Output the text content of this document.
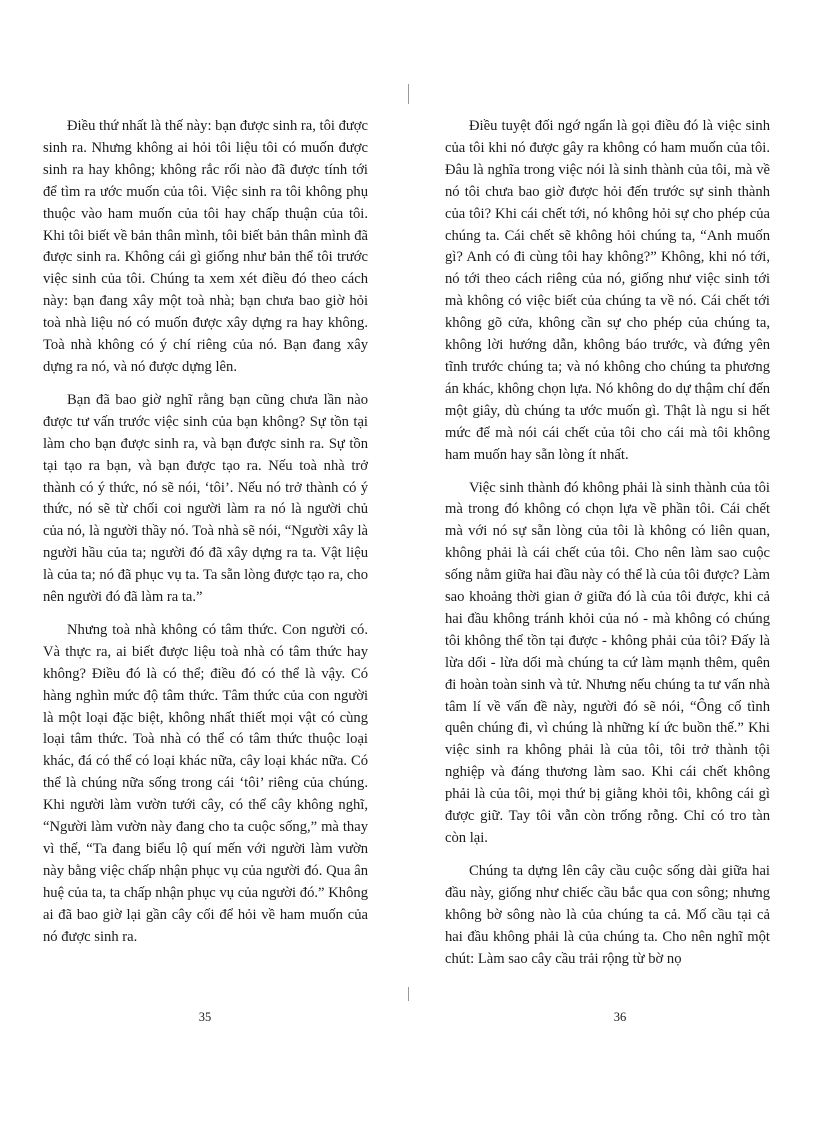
Điều thứ nhất là thế này: bạn được sinh ra, tôi được sinh ra. Nhưng không ai hỏi tôi liệu tôi có muốn được sinh ra hay không; không rắc rối nào đã được tính tới để tìm ra ước muốn của tôi. Việc sinh ra tôi không phụ thuộc vào ham muốn của tôi hay chấp thuận của tôi. Khi tôi biết về bản thân mình, tôi biết bản thân mình đã được sinh ra. Không cái gì giống như bản thể tôi trước việc sinh của tôi. Chúng ta xem xét điều đó theo cách này: bạn đang xây một toà nhà; bạn chưa bao giờ hỏi toà nhà liệu nó có muốn được xây dựng ra hay không. Toà nhà không có ý chí riêng của nó. Bạn đang xây dựng ra nó, và nó được dựng lên.

Bạn đã bao giờ nghĩ rằng bạn cũng chưa lần nào được tư vấn trước việc sinh của bạn không? Sự tồn tại làm cho bạn được sinh ra, và bạn được sinh ra. Sự tồn tại tạo ra bạn, và bạn được tạo ra. Nếu toà nhà trở thành có ý thức, nó sẽ nói, ‘tôi’. Nếu nó trở thành có ý thức, nó sẽ từ chối coi người làm ra nó là người chủ của nó, là người thầy nó. Toà nhà sẽ nói, “Người xây là người hầu của ta; người đó đã xây dựng ra ta. Vật liệu là của ta; nó đã phục vụ ta. Ta sẵn lòng được tạo ra, cho nên người đó đã làm ra ta.”

Nhưng toà nhà không có tâm thức. Con người có. Và thực ra, ai biết được liệu toà nhà có tâm thức hay không? Điều đó là có thể; điều đó có thể là vậy. Có hàng nghìn mức độ tâm thức. Tâm thức của con người là một loại đặc biệt, không nhất thiết mọi vật có cùng loại tâm thức. Toà nhà có thể có tâm thức thuộc loại khác, đá có thể có loại khác nữa, cây loại khác nữa. Có thể là chúng nữa sống trong cái ‘tôi’ riêng của chúng. Khi người làm vườn tưới cây, có thể cây không nghĩ, “Người làm vườn này đang cho ta cuộc sống,” mà thay vì thế, “Ta đang biểu lộ quí mến với người làm vườn này bằng việc chấp nhận phục vụ của người đó. Qua ân huệ của ta, ta chấp nhận phục vụ của người đó.” Không ai đã bao giờ lại gần cây cối để hỏi về ham muốn của nó được sinh ra.

Điều tuyệt đối ngớ ngẩn là gọi điều đó là việc sinh của tôi khi nó được gây ra không có ham muốn của tôi. Đâu là nghĩa trong việc nói là sinh thành của tôi, mà về nó tôi chưa bao giờ được hỏi đến trước sự sinh thành của tôi? Khi cái chết tới, nó không hỏi sự cho phép của chúng ta. Cái chết sẽ không hỏi chúng ta, “Anh muốn gì? Anh có đi cùng tôi hay không?” Không, khi nó tới, nó tới theo cách riêng của nó, giống như việc sinh tới mà không có việc biết của chúng ta về nó. Cái chết tới không gõ cửa, không cần sự cho phép của chúng ta, không lời hướng dẫn, không báo trước, và đứng yên tĩnh trước chúng ta; và nó không cho chúng ta phương án khác, không chọn lựa. Nó không do dự thậm chí đến một giây, dù chúng ta ước muốn gì. Thật là ngu si hết mức để mà nói cái chết của tôi cho cái mà tôi không ham muốn hay sẵn lòng ít nhất.

Việc sinh thành đó không phải là sinh thành của tôi mà trong đó không có chọn lựa về phần tôi. Cái chết mà với nó sự sẵn lòng của tôi là không có liên quan, không phải là cái chết của tôi. Cho nên làm sao cuộc sống nằm giữa hai đầu này có thể là của tôi được? Làm sao khoảng thời gian ở giữa đó là của tôi được, khi cả hai đầu không tránh khỏi của nó - mà không có chúng tôi không thể tồn tại được - không phải của tôi? Đấy là lừa dối - lừa dối mà chúng ta cứ làm mạnh thêm, quên đi hoàn toàn sinh và tử. Nhưng nếu chúng ta tư vấn nhà tâm lí về vấn đề này, người đó sẽ nói, “Ông cố tình quên chúng đi, vì chúng là những kí ức buồn thế.” Khi việc sinh ra không phải là của tôi, tôi trở thành tội nghiệp và đáng thương làm sao. Khi cái chết không phải là của tôi, mọi thứ bị giằng khỏi tôi, không cái gì được giữ. Tay tôi vẫn còn trống rỗng. Chỉ có tro tàn còn lại.

Chúng ta dựng lên cây cầu cuộc sống dài giữa hai đầu này, giống như chiếc cầu bắc qua con sông; nhưng không bờ sông nào là của chúng ta cả. Mố cầu tại cả hai đầu không phải là của chúng ta. Cho nên nghĩ một chút: Làm sao cây cầu trải rộng từ bờ nọ

35	36
